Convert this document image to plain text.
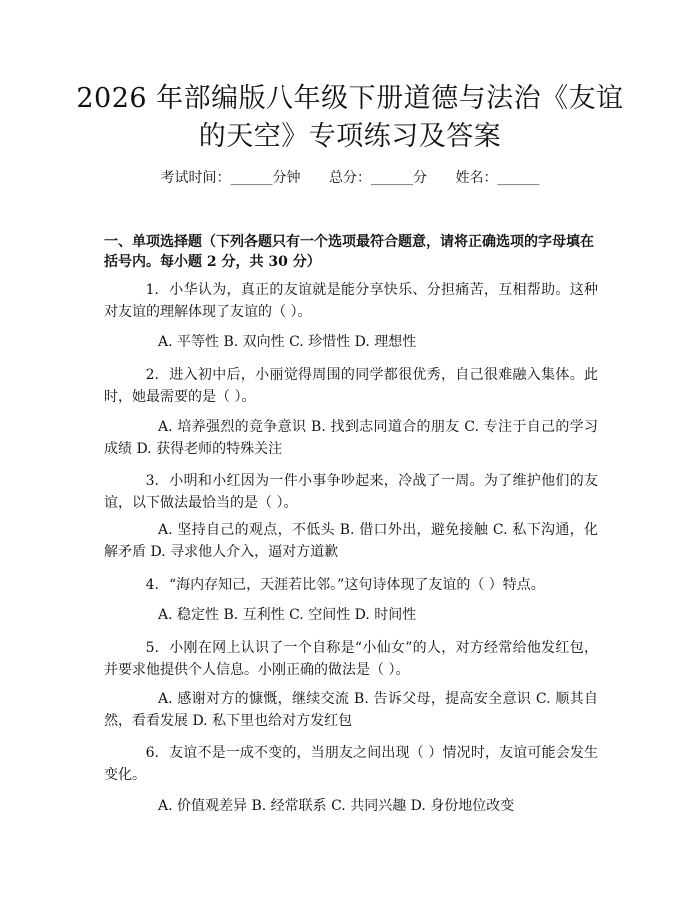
2026 年部编版八年级下册道德与法治《友谊的天空》专项练习及答案
考试时间：______分钟 总分：______分 姓名：______
一、单项选择题（下列各题只有一个选项最符合题意，请将正确选项的字母填在括号内。每小题 2 分，共 30 分）
1. 小华认为，真正的友谊就是能分享快乐、分担痛苦，互相帮助。这种对友谊的理解体现了友谊的（ ）。
A. 平等性 B. 双向性 C. 珍惜性 D. 理想性
2. 进入初中后，小丽觉得周围的同学都很优秀，自己很难融入集体。此时，她最需要的是（ ）。
A. 培养强烈的竞争意识 B. 找到志同道合的朋友 C. 专注于自己的学习成绩 D. 获得老师的特殊关注
3. 小明和小红因为一件小事争吵起来，冷战了一周。为了维护他们的友谊，以下做法最恰当的是（ ）。
A. 坚持自己的观点，不低头 B. 借口外出，避免接触 C. 私下沟通，化解矛盾 D. 寻求他人介入，逼对方道歉
4. “海内存知己，天涯若比邻。”这句诗体现了友谊的（ ）特点。
A. 稳定性 B. 互利性 C. 空间性 D. 时间性
5. 小刚在网上认识了一个自称是“小仙女”的人，对方经常给他发红包，并要求他提供个人信息。小刚正确的做法是（ ）。
A. 感谢对方的慷慨，继续交流 B. 告诉父母，提高安全意识 C. 顺其自然，看看发展 D. 私下里也给对方发红包
6. 友谊不是一成不变的，当朋友之间出现（ ）情况时，友谊可能会发生变化。
A. 价值观差异 B. 经常联系 C. 共同兴趣 D. 身份地位改变
